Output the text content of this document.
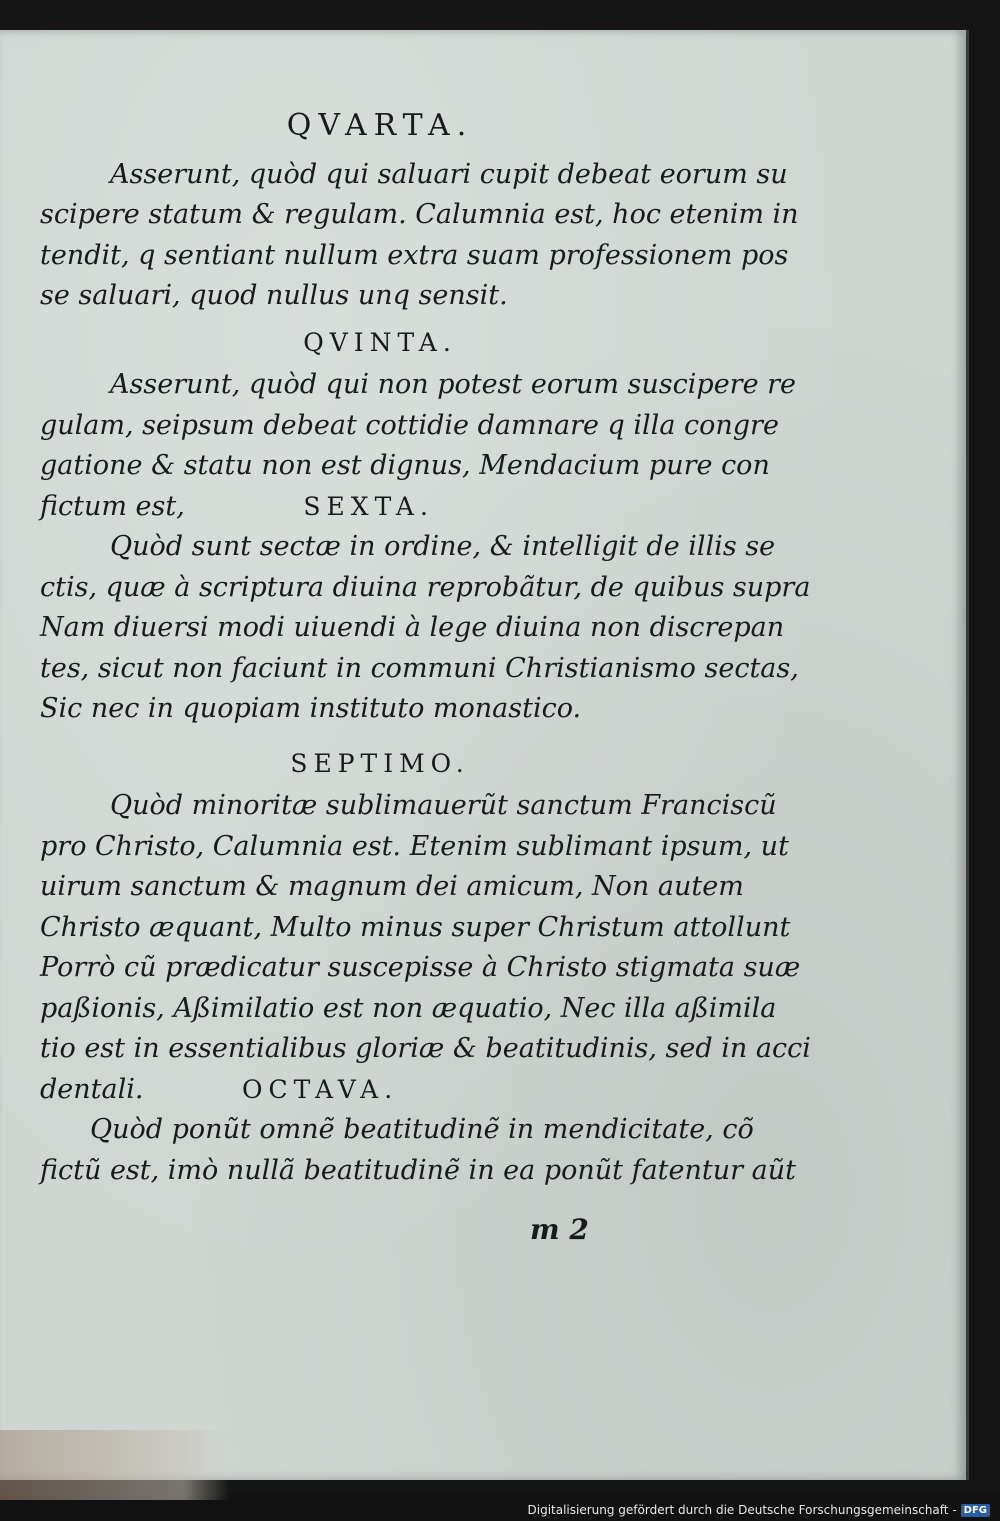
QVARTA.
Asserunt, quòd qui saluari cupit debeat eorum su
scipere statum & regulam. Calumnia est, hoc etenim in
tendit, q sentiant nullum extra suam professionem pos
se saluari, quod nullus unq sensit.
QVINTA.
Asserunt, quòd qui non potest eorum suscipere re
gulam, seipsum debeat cottidie damnare q illa congre
gatione & statu non est dignus, Mendacium pure con
fictum est,	SEXTA.
Quòd sunt sectæ in ordine, & intelligit de illis se
ctis, quæ à scriptura diuina reprobãtur, de quibus supra
Nam diuersi modi uiuendi à lege diuina non discrepan
tes, sicut non faciunt in communi Christianismo sectas,
Sic nec in quopiam instituto monastico.
SEPTIMO.
Quòd minoritæ sublimauerũt sanctum Franciscũ
pro Christo, Calumnia est. Etenim sublimant ipsum, ut
uirum sanctum & magnum dei amicum, Non autem
Christo æquant, Multo minus super Christum attollunt
Porrò cũ prædicatur suscepisse à Christo stigmata suæ
paßionis, Aßimilatio est non æquatio, Nec illa aßimila
tio est in essentialibus gloriæ & beatitudinis, sed in acci
dentali.	OCTAVA.
Quòd ponũt omnẽ beatitudinẽ in mendicitate, cõ
fictũ est, imò nullã beatitudinẽ in ea ponũt fatentur aũt
m 2
Digitalisierung gefördert durch die Deutsche Forschungsgemeinschaft - DFG
